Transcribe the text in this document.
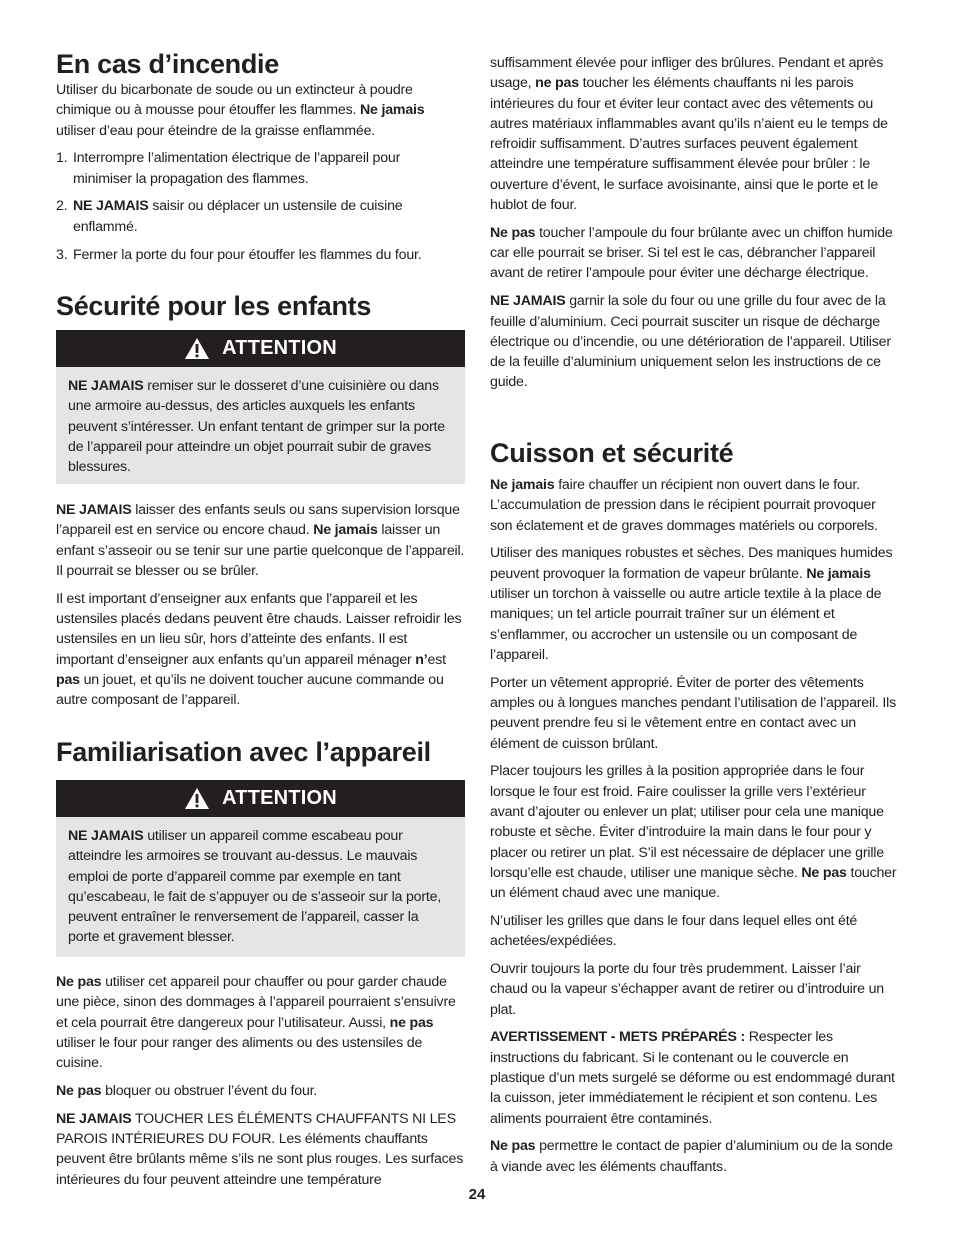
En cas d’incendie

Utiliser du bicarbonate de soude ou un extincteur à poudre chimique ou à mousse pour étouffer les flammes. Ne jamais utiliser d’eau pour éteindre de la graisse enflammée.

1. Interrompre l’alimentation électrique de l’appareil pour minimiser la propagation des flammes.
2. NE JAMAIS saisir ou déplacer un ustensile de cuisine enflammé.
3. Fermer la porte du four pour étouffer les flammes du four.
Sécurité pour les enfants
ATTENTION

NE JAMAIS remiser sur le dosseret d’une cuisinière ou dans une armoire au-dessus, des articles auxquels les enfants peuvent s’intéresser. Un enfant tentant de grimper sur la porte de l’appareil pour atteindre un objet pourrait subir de graves blessures.

NE JAMAIS laisser des enfants seuls ou sans supervision lorsque l’appareil est en service ou encore chaud. Ne jamais laisser un enfant s’asseoir ou se tenir sur une partie quelconque de l’appareil. Il pourrait se blesser ou se brûler.

Il est important d’enseigner aux enfants que l’appareil et les ustensiles placés dedans peuvent être chauds. Laisser refroidir les ustensiles en un lieu sûr, hors d’atteinte des enfants. Il est important d’enseigner aux enfants qu’un appareil ménager n’est pas un jouet, et qu’ils ne doivent toucher aucune commande ou autre composant de l’appareil.

Familiarisation avec l’appareil
ATTENTION

NE JAMAIS utiliser un appareil comme escabeau pour atteindre les armoires se trouvant au-dessus. Le mauvais emploi de porte d’appareil comme par exemple en tant qu’escabeau, le fait de s’appuyer ou de s’asseoir sur la porte, peuvent entraîner le renversement de l’appareil, casser la porte et gravement blesser.

Ne pas utiliser cet appareil pour chauffer ou pour garder chaude une pièce, sinon des dommages à l’appareil pourraient s’ensuivre et cela pourrait être dangereux pour l’utilisateur. Aussi, ne pas utiliser le four pour ranger des aliments ou des ustensiles de cuisine.

Ne pas bloquer ou obstruer l’évent du four.

NE JAMAIS TOUCHER LES ÉLÉMENTS CHAUFFANTS NI LES PAROIS INTÉRIEURES DU FOUR. Les éléments chauffants peuvent être brûlants même s’ils ne sont plus rouges. Les surfaces intérieures du four peuvent atteindre une température

suffisamment élevée pour infliger des brûlures. Pendant et après usage, ne pas toucher les éléments chauffants ni les parois intérieures du four et éviter leur contact avec des vêtements ou autres matériaux inflammables avant qu’ils n’aient eu le temps de refroidir suffisamment. D’autres surfaces peuvent également atteindre une température suffisamment élevée pour brûler : le ouverture d’évent, le surface avoisinante, ainsi que le porte et le hublot de four.

Ne pas toucher l’ampoule du four brûlante avec un chiffon humide car elle pourrait se briser. Si tel est le cas, débrancher l’appareil avant de retirer l’ampoule pour éviter une décharge électrique.

NE JAMAIS garnir la sole du four ou une grille du four avec de la feuille d’aluminium. Ceci pourrait susciter un risque de décharge électrique ou d’incendie, ou une détérioration de l’appareil. Utiliser de la feuille d’aluminium uniquement selon les instructions de ce guide.

Cuisson et sécurité

Ne jamais faire chauffer un récipient non ouvert dans le four. L’accumulation de pression dans le récipient pourrait provoquer son éclatement et de graves dommages matériels ou corporels.

Utiliser des maniques robustes et sèches. Des maniques humides peuvent provoquer la formation de vapeur brûlante. Ne jamais utiliser un torchon à vaisselle ou autre article textile à la place de maniques; un tel article pourrait traîner sur un élément et s’enflammer, ou accrocher un ustensile ou un composant de l’appareil.

Porter un vêtement approprié. Éviter de porter des vêtements amples ou à longues manches pendant l’utilisation de l’appareil. Ils peuvent prendre feu si le vêtement entre en contact avec un élément de cuisson brûlant.

Placer toujours les grilles à la position appropriée dans le four lorsque le four est froid. Faire coulisser la grille vers l’extérieur avant d’ajouter ou enlever un plat; utiliser pour cela une manique robuste et sèche. Éviter d’introduire la main dans le four pour y placer ou retirer un plat. S’il est nécessaire de déplacer une grille lorsqu’elle est chaude, utiliser une manique sèche. Ne pas toucher un élément chaud avec une manique.

N’utiliser les grilles que dans le four dans lequel elles ont été achetées/expédiées.

Ouvrir toujours la porte du four très prudemment. Laisser l’air chaud ou la vapeur s’échapper avant de retirer ou d’introduire un plat.

AVERTISSEMENT - METS PRÉPARÉS : Respecter les instructions du fabricant. Si le contenant ou le couvercle en plastique d’un mets surgelé se déforme ou est endommagé durant la cuisson, jeter immédiatement le récipient et son contenu. Les aliments pourraient être contaminés.

Ne pas permettre le contact de papier d’aluminium ou de la sonde à viande avec les éléments chauffants.

24
